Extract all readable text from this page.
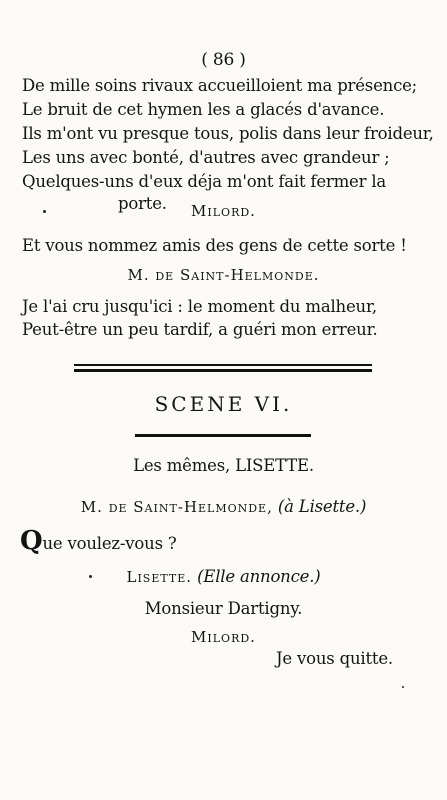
( 86 )
De mille soins rivaux accueilloient ma présence;
Le bruit de cet hymen les a glacés d'avance.
Ils m'ont vu presque tous, polis dans leur froideur,
Les uns avec bonté, d'autres avec grandeur ;
Quelques-uns d'eux déja m'ont fait fermer la
porte.	Milord.
Et vous nommez amis des gens de cette sorte !
M. de Saint-Helmonde.
Je l'ai cru jusqu'ici : le moment du malheur,
Peut-être un peu tardif, a guéri mon erreur.
SCENE VI.
Les mêmes, LISETTE.
M. de Saint-Helmonde, (à Lisette.)
Que voulez-vous ?
Lisette. (Elle annonce.)
Monsieur Dartigny.
Milord.
Je vous quitte.
